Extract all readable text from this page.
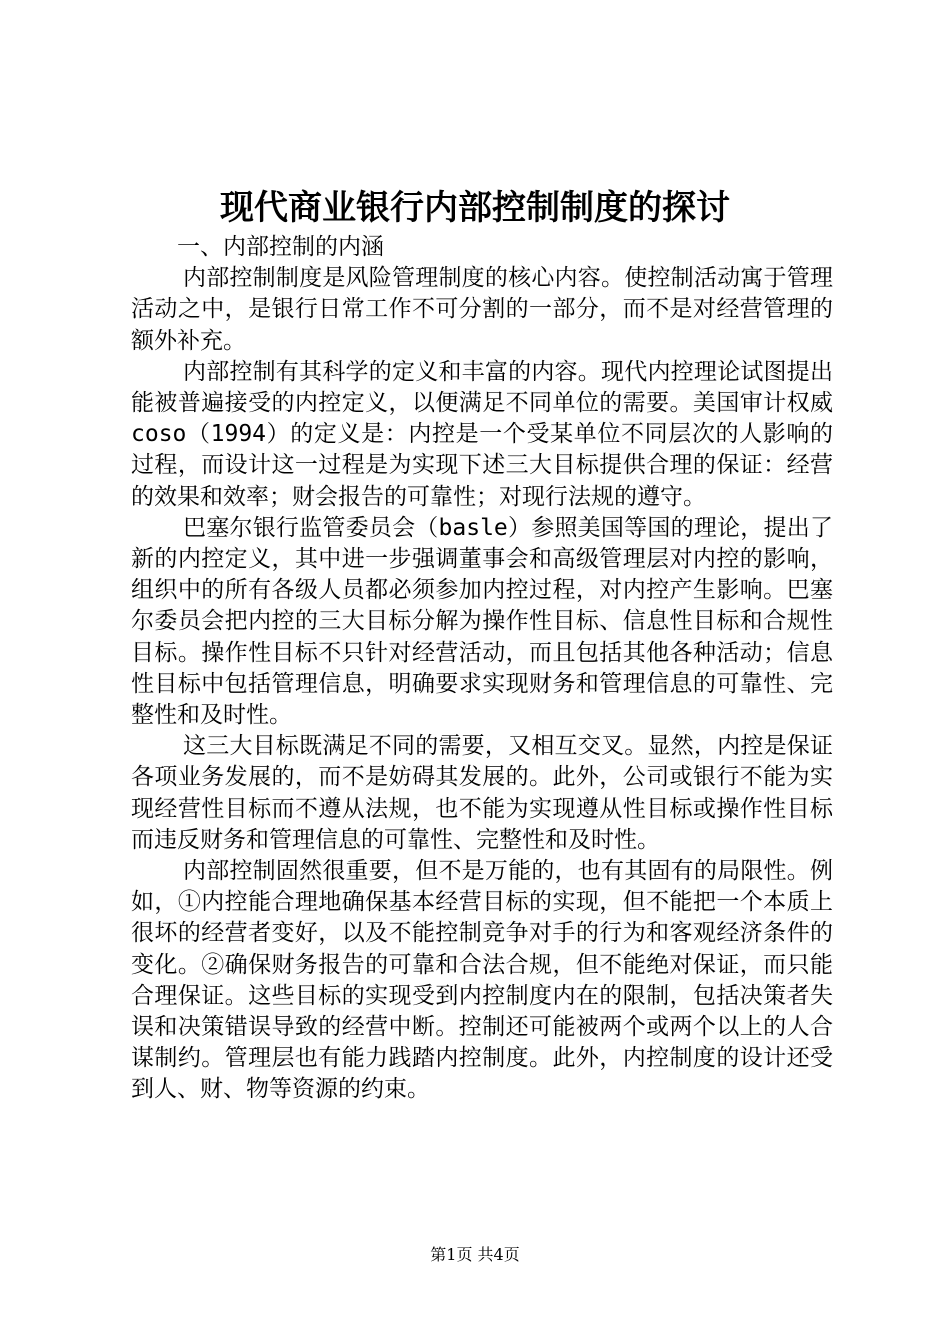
现代商业银行内部控制制度的探讨

一、内部控制的内涵

内部控制制度是风险管理制度的核心内容。使控制活动寓于管理活动之中，是银行日常工作不可分割的一部分，而不是对经营管理的额外补充。

内部控制有其科学的定义和丰富的内容。现代内控理论试图提出能被普遍接受的内控定义，以便满足不同单位的需要。美国审计权威coso（1994）的定义是：内控是一个受某单位不同层次的人影响的过程，而设计这一过程是为实现下述三大目标提供合理的保证：经营的效果和效率；财会报告的可靠性；对现行法规的遵守。

巴塞尔银行监管委员会（basle）参照美国等国的理论，提出了新的内控定义，其中进一步强调董事会和高级管理层对内控的影响，组织中的所有各级人员都必须参加内控过程，对内控产生影响。巴塞尔委员会把内控的三大目标分解为操作性目标、信息性目标和合规性目标。操作性目标不只针对经营活动，而且包括其他各种活动；信息性目标中包括管理信息，明确要求实现财务和管理信息的可靠性、完整性和及时性。

这三大目标既满足不同的需要，又相互交叉。显然，内控是保证各项业务发展的，而不是妨碍其发展的。此外，公司或银行不能为实现经营性目标而不遵从法规，也不能为实现遵从性目标或操作性目标而违反财务和管理信息的可靠性、完整性和及时性。

内部控制固然很重要，但不是万能的，也有其固有的局限性。例如，①内控能合理地确保基本经营目标的实现，但不能把一个本质上很坏的经营者变好，以及不能控制竞争对手的行为和客观经济条件的变化。②确保财务报告的可靠和合法合规，但不能绝对保证，而只能合理保证。这些目标的实现受到内控制度内在的限制，包括决策者失误和决策错误导致的经营中断。控制还可能被两个或两个以上的人合谋制约。管理层也有能力践踏内控制度。此外，内控制度的设计还受到人、财、物等资源的约束。

第1页 共4页
